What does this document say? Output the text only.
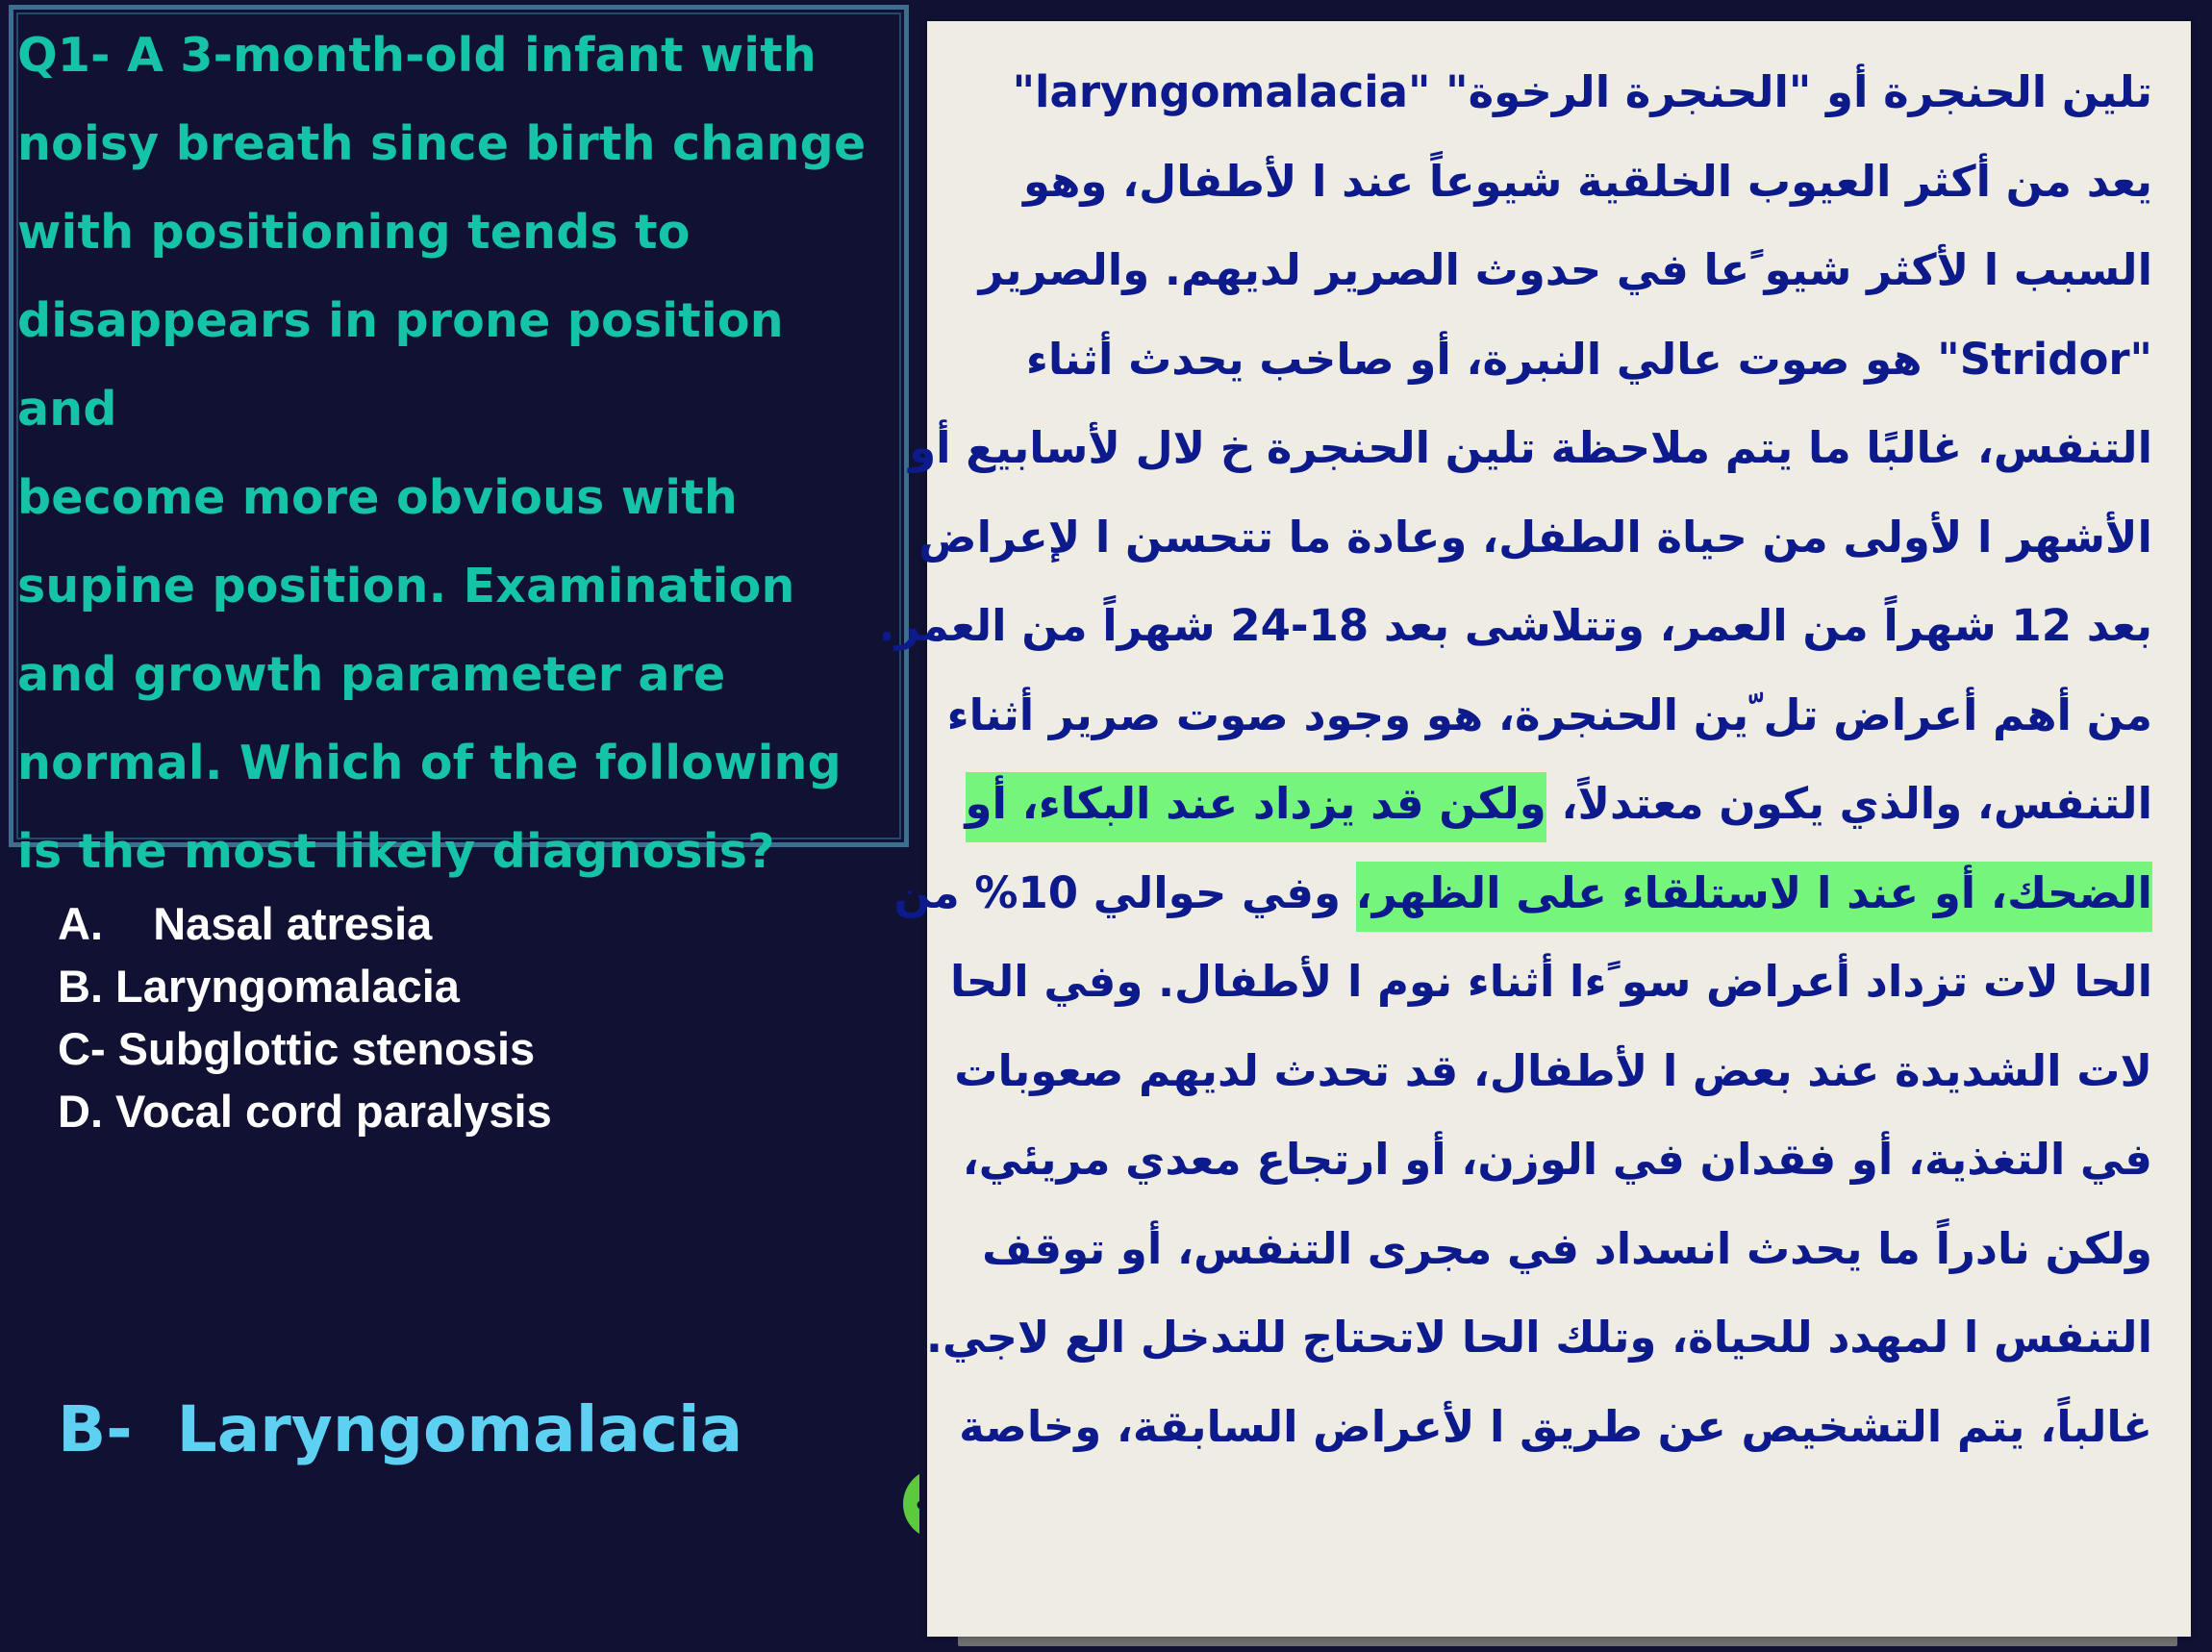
Q1- A 3-month-old infant with
noisy breath since birth change
with positioning tends to
disappears in prone position and
become more obvious with
supine position. Examination
and growth parameter are
normal. Which of the following
is the most likely diagnosis?

A.    Nasal atresia
B. Laryngomalacia
C- Subglottic stenosis
D. Vocal cord paralysis
B-  Laryngomalacia

تلين الحنجرة أو "الحنجرة الرخوة" "laryngomalacia"
يعد من أكثر العيوب الخلقية شيوعاً عند ا لأطفال، وهو
السبب ا لأكثر شيو ًعا في حدوث الصرير لديهم. والصرير
"Stridor" هو صوت عالي النبرة، أو صاخب يحدث أثناء
التنفس، غالبًا ما يتم ملاحظة تلين الحنجرة خ لال لأسابيع أو
الأشهر ا لأولى من حياة الطفل، وعادة ما تتحسن ا لإعراض
بعد 12 شهراً من العمر، وتتلاشى بعد 18-24 شهراً من العمر.
من أهم أعراض تل ّين الحنجرة، هو وجود صوت صرير أثناء
التنفس، والذي يكون معتدلاً، ولكن قد يزداد عند البكاء، أو
الضحك، أو عند ا لاستلقاء على الظهر، وفي حوالي 10% من
الحا لات تزداد أعراض سو ًءا أثناء نوم ا لأطفال. وفي الحا
لات الشديدة عند بعض ا لأطفال، قد تحدث لديهم صعوبات
في التغذية، أو فقدان في الوزن، أو ارتجاع معدي مريئي،
ولكن نادراً ما يحدث انسداد في مجرى التنفس، أو توقف
التنفس ا لمهدد للحياة، وتلك الحا لاتحتاج للتدخل الع لاجي.
غالباً، يتم التشخيص عن طريق ا لأعراض السابقة، وخاصة
